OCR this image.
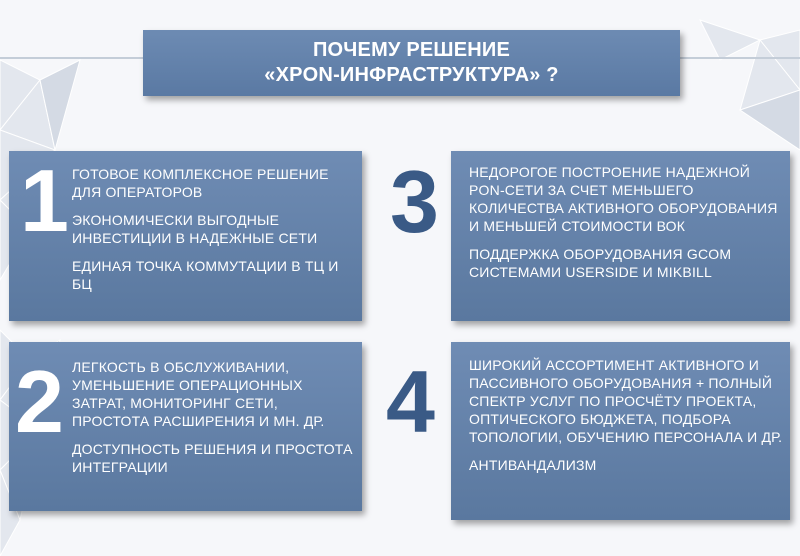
ПОЧЕМУ РЕШЕНИЕ
«XPON-ИНФРАСТРУКТУРА» ?
1 ГОТОВОЕ КОМПЛЕКСНОЕ РЕШЕНИЕ ДЛЯ ОПЕРАТОРОВ

ЭКОНОМИЧЕСКИ ВЫГОДНЫЕ ИНВЕСТИЦИИ В НАДЕЖНЫЕ СЕТИ

ЕДИНАЯ ТОЧКА КОММУТАЦИИ В ТЦ И БЦ

2 ЛЕГКОСТЬ В ОБСЛУЖИВАНИИ, УМЕНЬШЕНИЕ ОПЕРАЦИОННЫХ ЗАТРАТ, МОНИТОРИНГ СЕТИ, ПРОСТОТА РАСШИРЕНИЯ И МН. ДР.

ДОСТУПНОСТЬ РЕШЕНИЯ И ПРОСТОТА ИНТЕГРАЦИИ

3 НЕДОРОГОЕ ПОСТРОЕНИЕ НАДЕЖНОЙ PON-СЕТИ ЗА СЧЕТ МЕНЬШЕГО КОЛИЧЕСТВА АКТИВНОГО ОБОРУДОВАНИЯ И МЕНЬШЕЙ СТОИМОСТИ ВОК

ПОДДЕРЖКА ОБОРУДОВАНИЯ GCOM СИСТЕМАМИ USERSIDE И MIKBILL

4 ШИРОКИЙ АССОРТИМЕНТ АКТИВНОГО И ПАССИВНОГО ОБОРУДОВАНИЯ + ПОЛНЫЙ СПЕКТР УСЛУГ ПО ПРОСЧЁТУ ПРОЕКТА, ОПТИЧЕСКОГО БЮДЖЕТА, ПОДБОРА ТОПОЛОГИИ, ОБУЧЕНИЮ ПЕРСОНАЛА И ДР.

АНТИВАНДАЛИЗМ
